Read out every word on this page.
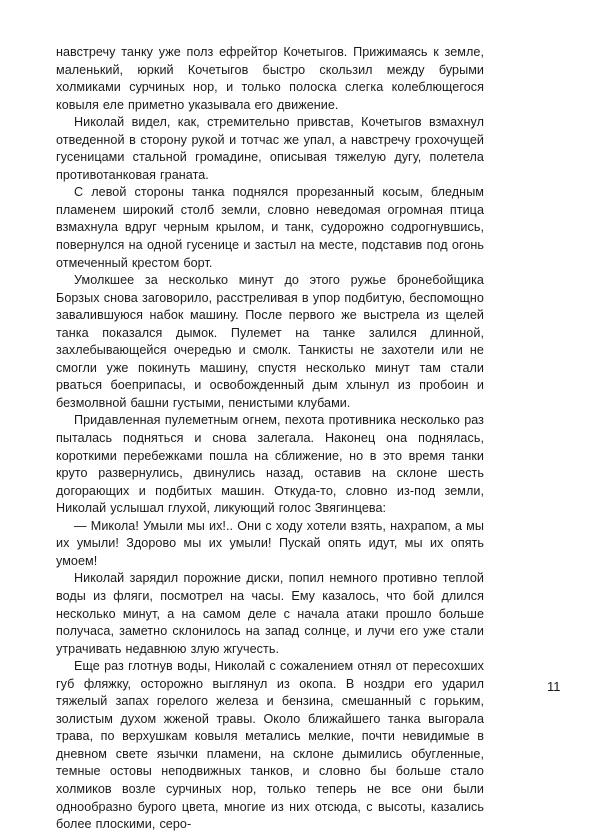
навстречу танку уже полз ефрейтор Кочетыгов. Прижимаясь к земле, маленький, юркий Кочетыгов быстро скользил между бурыми холмиками сурчиных нор, и только полоска слегка колеблющегося ковыля еле приметно указывала его движение.

Николай видел, как, стремительно привстав, Кочетыгов взмахнул отведенной в сторону рукой и тотчас же упал, а навстречу грохочущей гусеницами стальной громадине, описывая тяжелую дугу, полетела противотанковая граната.

С левой стороны танка поднялся прорезанный косым, бледным пламенем широкий столб земли, словно неведомая огромная птица взмахнула вдруг черным крылом, и танк, судорожно содрогнувшись, повернулся на одной гусенице и застыл на месте, подставив под огонь отмеченный крестом борт.

Умолкшее за несколько минут до этого ружье бронебойщика Борзых снова заговорило, расстреливая в упор подбитую, беспомощно завалившуюся набок машину. После первого же выстрела из щелей танка показался дымок. Пулемет на танке залился длинной, захлебывающейся очередью и смолк. Танкисты не захотели или не смогли уже покинуть машину, спустя несколько минут там стали рваться боеприпасы, и освобожденный дым хлынул из пробоин и безмолвной башни густыми, пенистыми клубами.

Придавленная пулеметным огнем, пехота противника несколько раз пыталась подняться и снова залегала. Наконец она поднялась, короткими перебежками пошла на сближение, но в это время танки круто развернулись, двинулись назад, оставив на склоне шесть догорающих и подбитых машин. Откуда-то, словно из-под земли, Николай услышал глухой, ликующий голос Звягинцева:

— Микола! Умыли мы их!.. Они с ходу хотели взять, нахрапом, а мы их умыли! Здорово мы их умыли! Пускай опять идут, мы их опять умоем!

Николай зарядил порожние диски, попил немного противно теплой воды из фляги, посмотрел на часы. Ему казалось, что бой длился несколько минут, а на самом деле с начала атаки прошло больше получаса, заметно склонилось на запад солнце, и лучи его уже стали утрачивать недавнюю злую жгучесть.

Еще раз глотнув воды, Николай с сожалением отнял от пересохших губ фляжку, осторожно выглянул из окопа. В ноздри его ударил тяжелый запах горелого железа и бензина, смешанный с горьким, золистым духом жженой травы. Около ближайшего танка выгорала трава, по верхушкам ковыля метались мелкие, почти невидимые в дневном свете язычки пламени, на склоне дымились обугленные, темные остовы неподвижных танков, и словно бы больше стало холмиков возле сурчиных нор, только теперь не все они были однообразно бурого цвета, многие из них отсюда, с высоты, казались более плоскими, серо-

11
